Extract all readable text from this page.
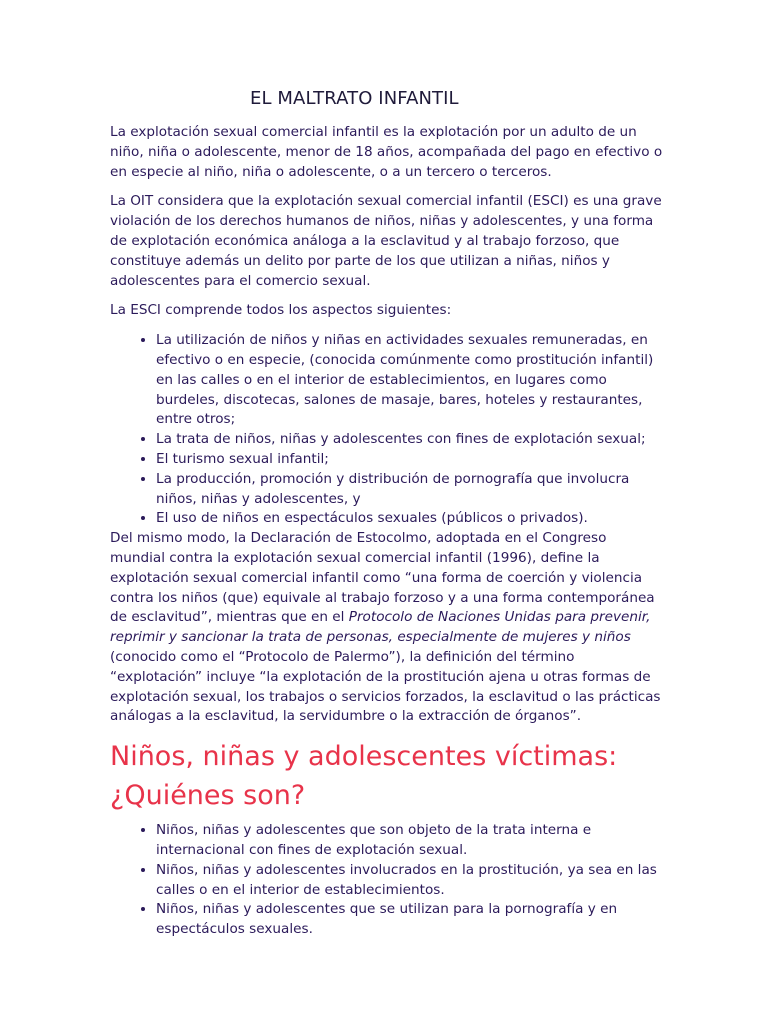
EL MALTRATO INFANTIL

La explotación sexual comercial infantil es la explotación por un adulto de un niño, niña o adolescente, menor de 18 años, acompañada del pago en efectivo o en especie al niño, niña o adolescente, o a un tercero o terceros.

La OIT considera que la explotación sexual comercial infantil (ESCI) es una grave violación de los derechos humanos de niños, niñas y adolescentes, y una forma de explotación económica análoga a la esclavitud y al trabajo forzoso, que constituye además un delito por parte de los que utilizan a niñas, niños y adolescentes para el comercio sexual.

La ESCI comprende todos los aspectos siguientes:

• La utilización de niños y niñas en actividades sexuales remuneradas, en efectivo o en especie, (conocida comúnmente como prostitución infantil) en las calles o en el interior de establecimientos, en lugares como burdeles, discotecas, salones de masaje, bares, hoteles y restaurantes, entre otros;
• La trata de niños, niñas y adolescentes con fines de explotación sexual;
• El turismo sexual infantil;
• La producción, promoción y distribución de pornografía que involucra niños, niñas y adolescentes, y
• El uso de niños en espectáculos sexuales (públicos o privados).

Del mismo modo, la Declaración de Estocolmo, adoptada en el Congreso mundial contra la explotación sexual comercial infantil (1996), define la explotación sexual comercial infantil como “una forma de coerción y violencia contra los niños (que) equivale al trabajo forzoso y a una forma contemporánea de esclavitud”, mientras que en el Protocolo de Naciones Unidas para prevenir, reprimir y sancionar la trata de personas, especialmente de mujeres y niños (conocido como el “Protocolo de Palermo”), la definición del término “explotación” incluye “la explotación de la prostitución ajena u otras formas de explotación sexual, los trabajos o servicios forzados, la esclavitud o las prácticas análogas a la esclavitud, la servidumbre o la extracción de órganos”.

Niños, niñas y adolescentes víctimas: ¿Quiénes son?
• Niños, niñas y adolescentes que son objeto de la trata interna e internacional con fines de explotación sexual.
• Niños, niñas y adolescentes involucrados en la prostitución, ya sea en las calles o en el interior de establecimientos.
• Niños, niñas y adolescentes que se utilizan para la pornografía y en espectáculos sexuales.
